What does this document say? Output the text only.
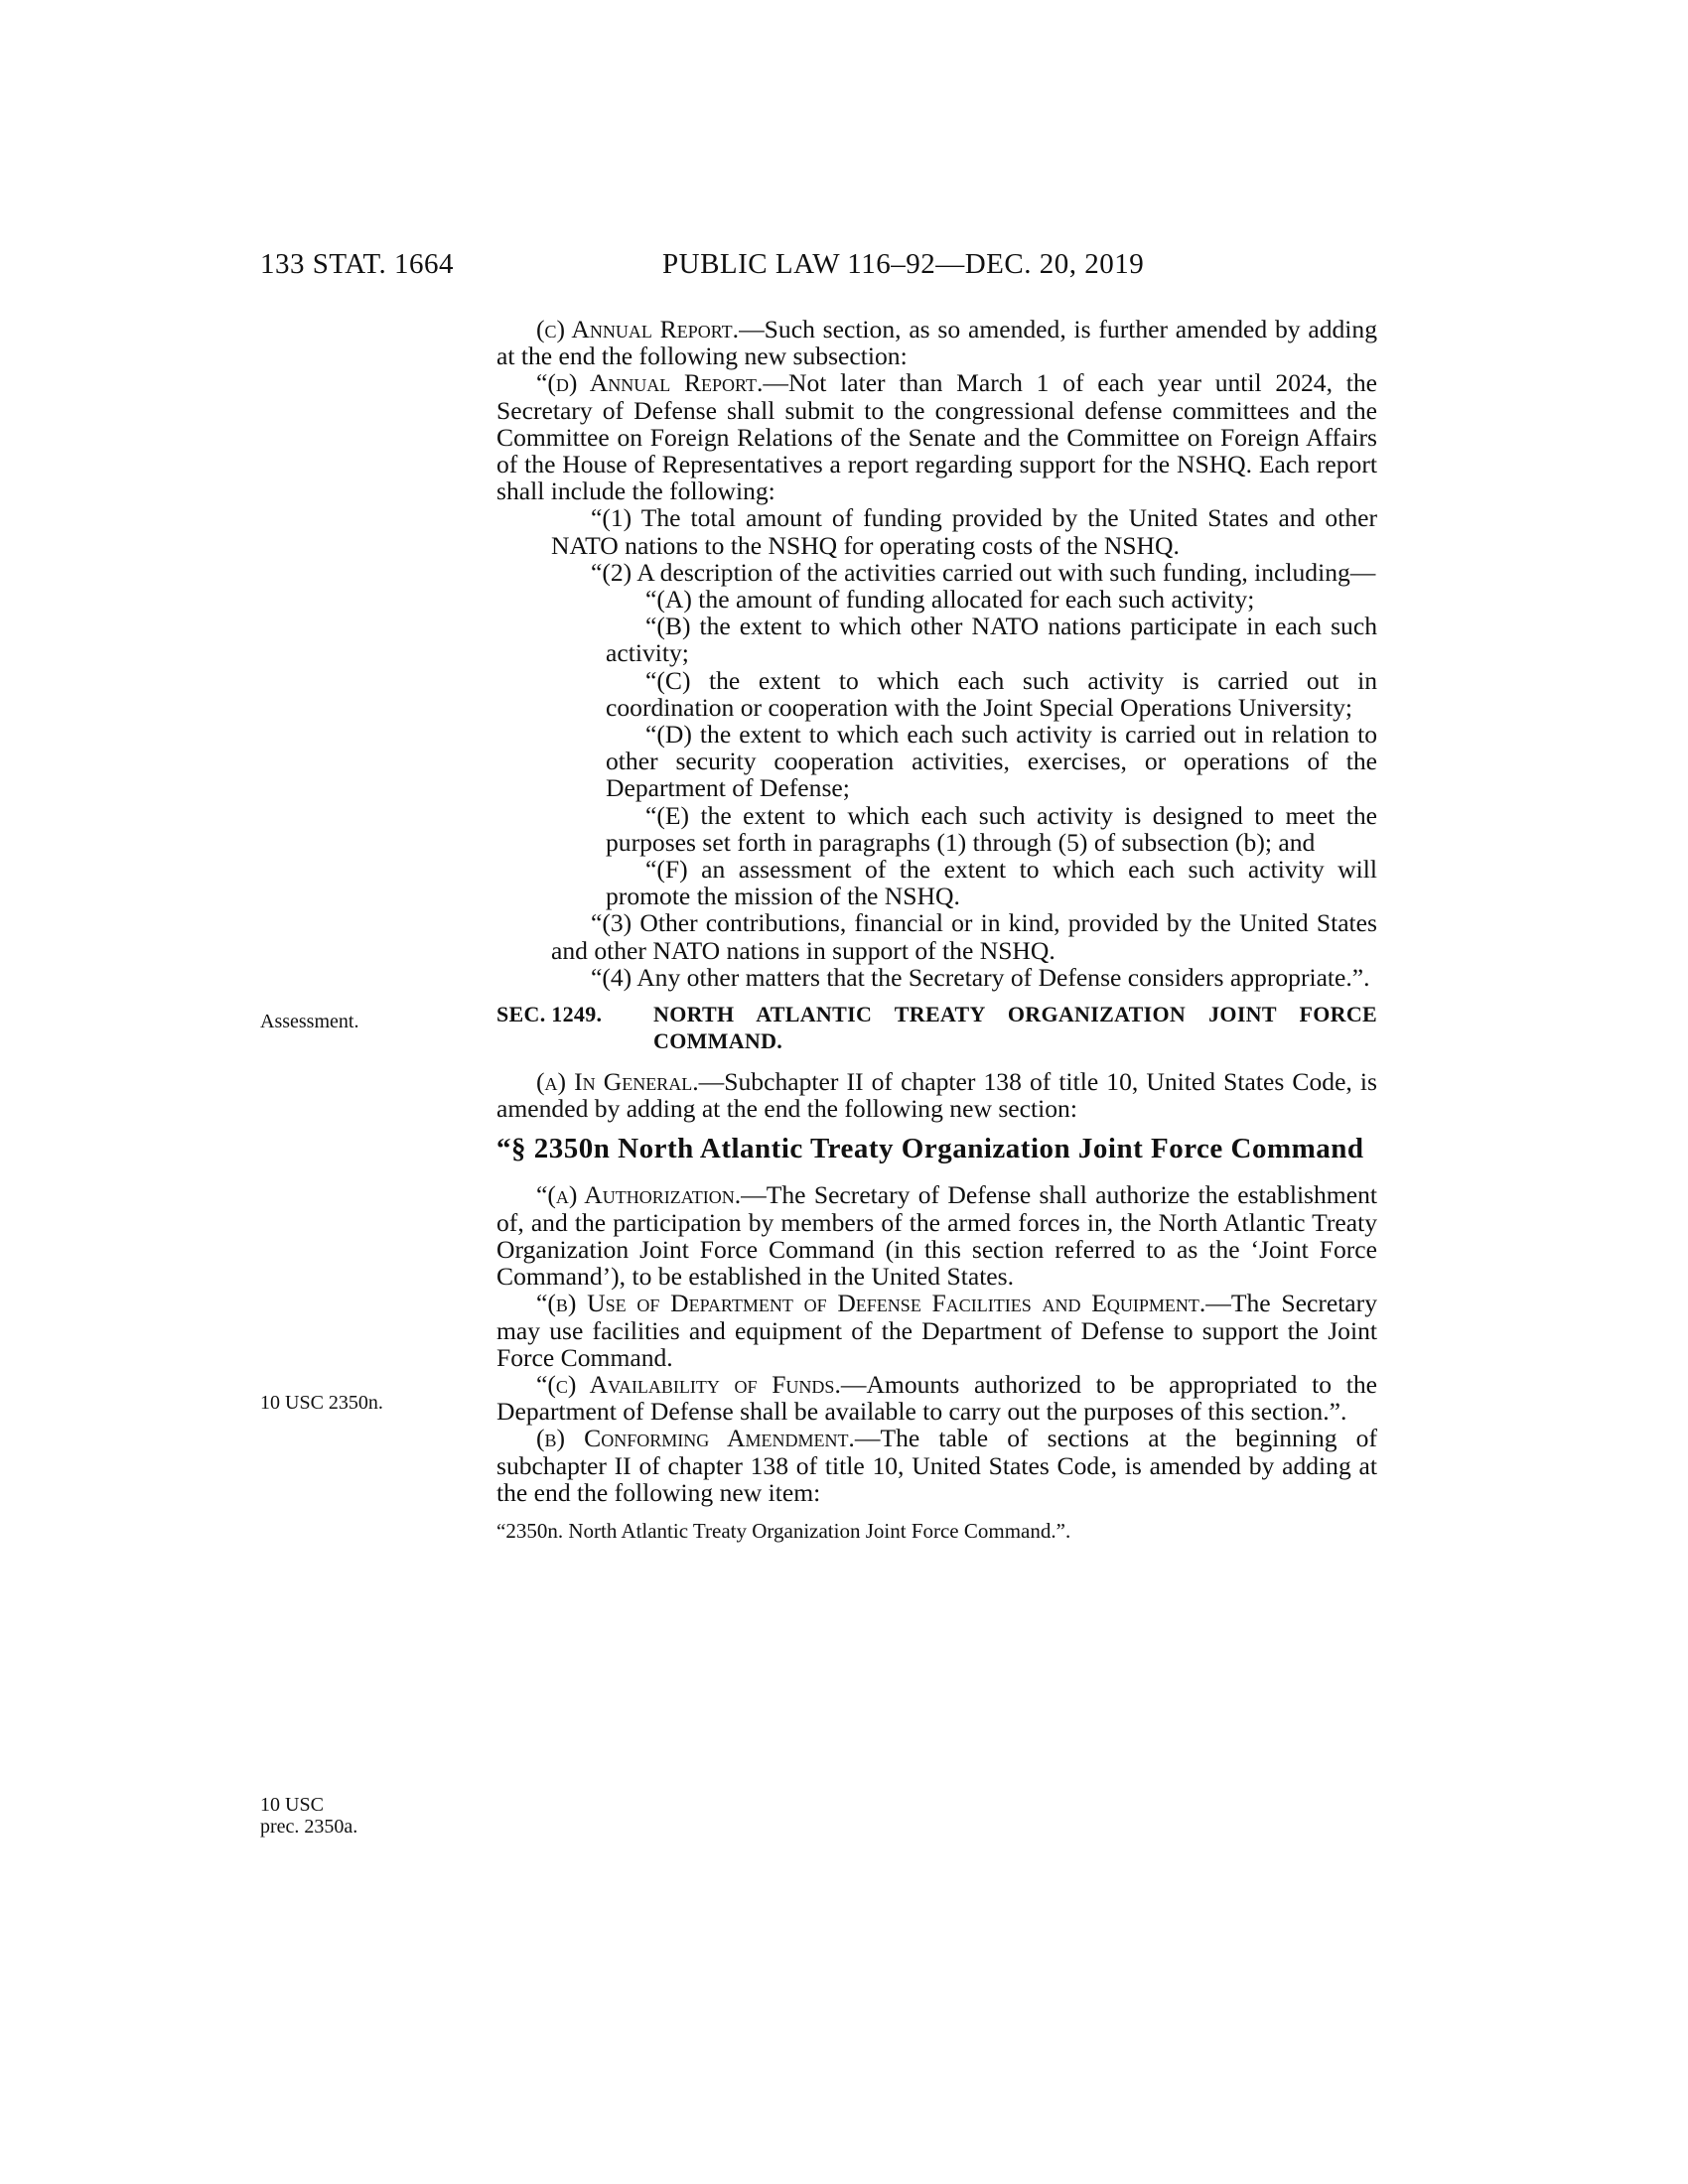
133 STAT. 1664	PUBLIC LAW 116–92—DEC. 20, 2019
Assessment.
10 USC 2350n.
10 USC
prec. 2350a.

(c) Annual Report.—Such section, as so amended, is further amended by adding at the end the following new subsection:

“(d) Annual Report.—Not later than March 1 of each year until 2024, the Secretary of Defense shall submit to the congressional defense committees and the Committee on Foreign Relations of the Senate and the Committee on Foreign Affairs of the House of Representatives a report regarding support for the NSHQ. Each report shall include the following:

“(1) The total amount of funding provided by the United States and other NATO nations to the NSHQ for operating costs of the NSHQ.

“(2) A description of the activities carried out with such funding, including—

“(A) the amount of funding allocated for each such activity;

“(B) the extent to which other NATO nations participate in each such activity;

“(C) the extent to which each such activity is carried out in coordination or cooperation with the Joint Special Operations University;

“(D) the extent to which each such activity is carried out in relation to other security cooperation activities, exercises, or operations of the Department of Defense;

“(E) the extent to which each such activity is designed to meet the purposes set forth in paragraphs (1) through (5) of subsection (b); and

“(F) an assessment of the extent to which each such activity will promote the mission of the NSHQ.

“(3) Other contributions, financial or in kind, provided by the United States and other NATO nations in support of the NSHQ.

“(4) Any other matters that the Secretary of Defense considers appropriate.”.

SEC. 1249. NORTH ATLANTIC TREATY ORGANIZATION JOINT FORCE COMMAND.

(a) In General.—Subchapter II of chapter 138 of title 10, United States Code, is amended by adding at the end the following new section:

“§ 2350n North Atlantic Treaty Organization Joint Force Command

“(a) Authorization.—The Secretary of Defense shall authorize the establishment of, and the participation by members of the armed forces in, the North Atlantic Treaty Organization Joint Force Command (in this section referred to as the ‘Joint Force Command’), to be established in the United States.

“(b) Use of Department of Defense Facilities and Equipment.—The Secretary may use facilities and equipment of the Department of Defense to support the Joint Force Command.

“(c) Availability of Funds.—Amounts authorized to be appropriated to the Department of Defense shall be available to carry out the purposes of this section.”.

(b) Conforming Amendment.—The table of sections at the beginning of subchapter II of chapter 138 of title 10, United States Code, is amended by adding at the end the following new item:

“2350n. North Atlantic Treaty Organization Joint Force Command.”.
